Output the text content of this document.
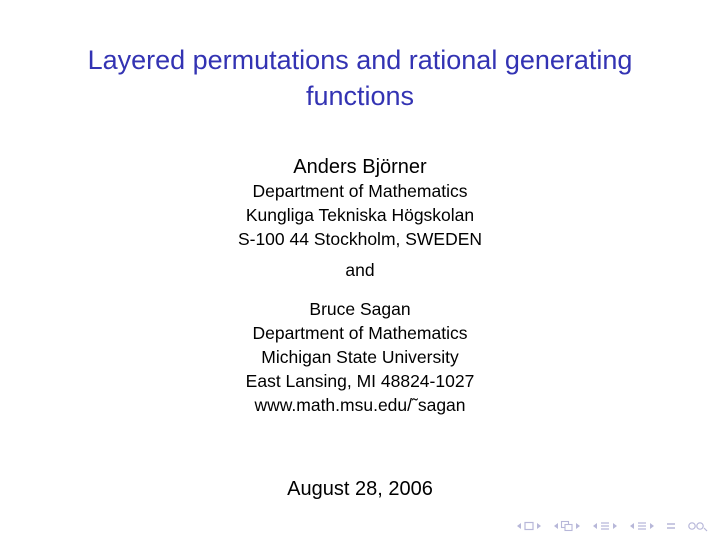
Layered permutations and rational generating functions
Anders Björner
Department of Mathematics
Kungliga Tekniska Högskolan
S-100 44 Stockholm, SWEDEN
and
Bruce Sagan
Department of Mathematics
Michigan State University
East Lansing, MI 48824-1027
www.math.msu.edu/˜sagan
August 28, 2006
